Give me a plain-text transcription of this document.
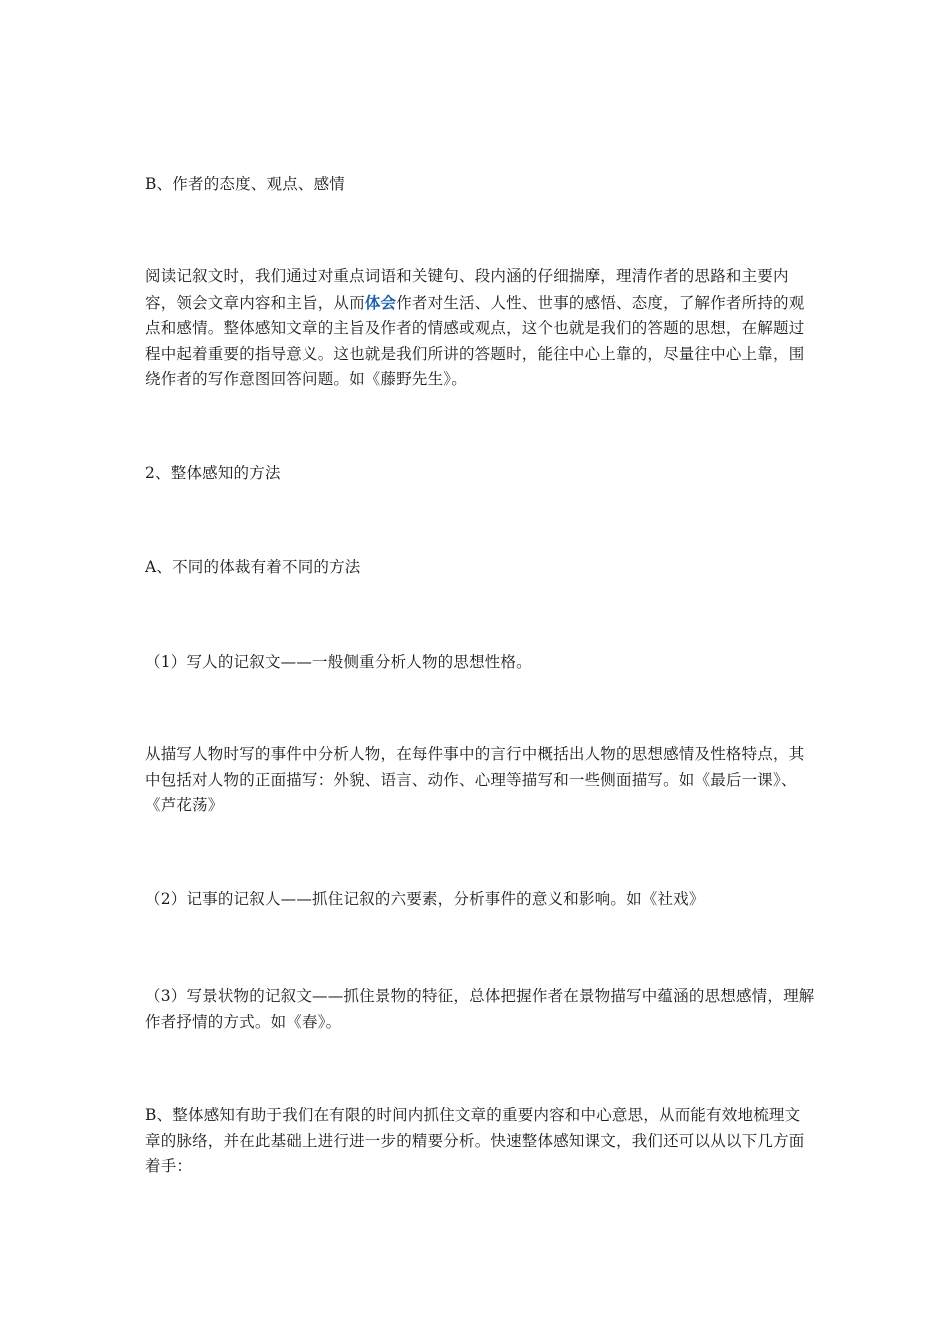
B、作者的态度、观点、感情

阅读记叙文时，我们通过对重点词语和关键句、段内涵的仔细揣摩，理清作者的思路和主要内容，领会文章内容和主旨，从而体会作者对生活、人性、世事的感悟、态度，了解作者所持的观点和感情。整体感知文章的主旨及作者的情感或观点，这个也就是我们的答题的思想，在解题过程中起着重要的指导意义。这也就是我们所讲的答题时，能往中心上靠的，尽量往中心上靠，围绕作者的写作意图回答问题。如《藤野先生》。

2、整体感知的方法

A、不同的体裁有着不同的方法

（1）写人的记叙文——一般侧重分析人物的思想性格。

从描写人物时写的事件中分析人物，在每件事中的言行中概括出人物的思想感情及性格特点，其中包括对人物的正面描写：外貌、语言、动作、心理等描写和一些侧面描写。如《最后一课》、《芦花荡》

（2）记事的记叙人——抓住记叙的六要素，分析事件的意义和影响。如《社戏》

（3）写景状物的记叙文——抓住景物的特征，总体把握作者在景物描写中蕴涵的思想感情，理解作者抒情的方式。如《春》。

B、整体感知有助于我们在有限的时间内抓住文章的重要内容和中心意思，从而能有效地梳理文章的脉络，并在此基础上进行进一步的精要分析。快速整体感知课文，我们还可以从以下几方面着手：
